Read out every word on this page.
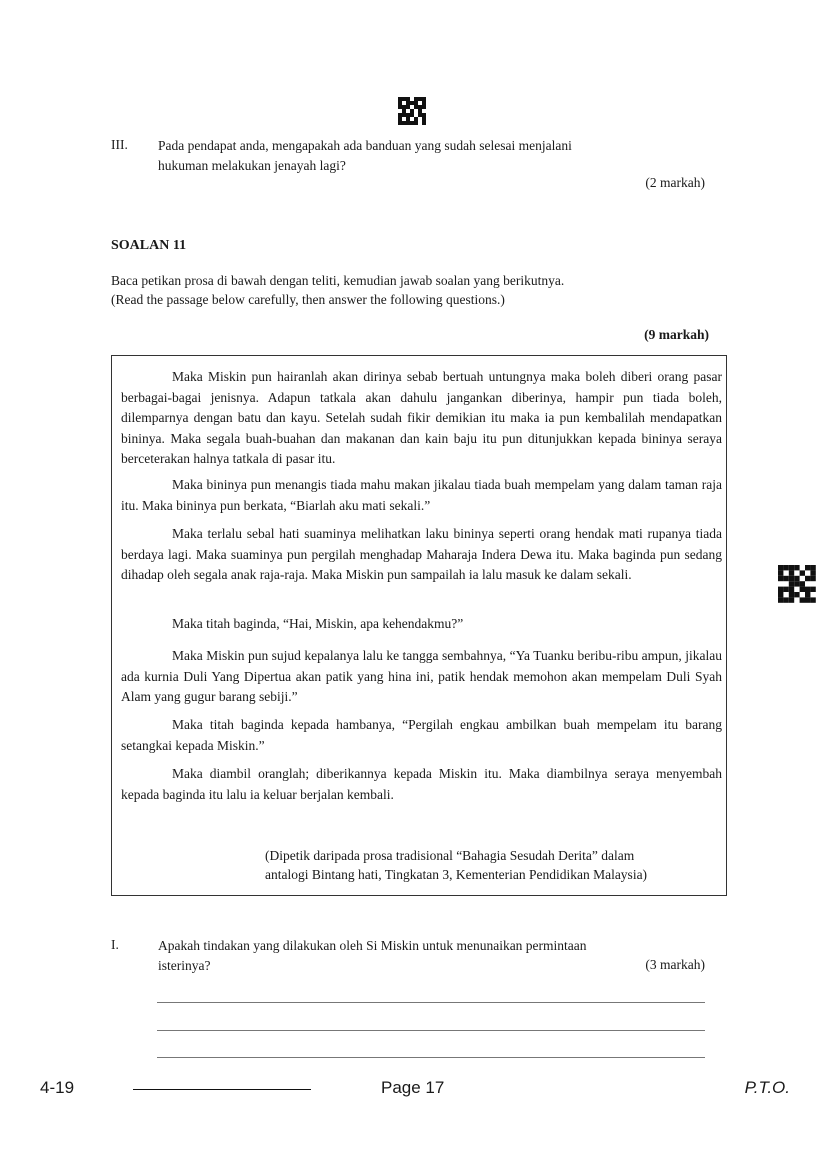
III. Pada pendapat anda, mengapakah ada banduan yang sudah selesai menjalani
hukuman melakukan jenayah lagi?
(2 markah)
SOALAN 11
Baca petikan prosa di bawah dengan teliti, kemudian jawab soalan yang berikutnya.
(Read the passage below carefully, then answer the following questions.)
(9 markah)
Maka Miskin pun hairanlah akan dirinya sebab bertuah untungnya maka boleh diberi orang pasar berbagai-bagai jenisnya. Adapun tatkala akan dahulu jangankan diberinya, hampir pun tiada boleh, dilemparnya dengan batu dan kayu. Setelah sudah fikir demikian itu maka ia pun kembalilah mendapatkan bininya. Maka segala buah-buahan dan makanan dan kain baju itu pun ditunjukkan kepada bininya seraya berceterakan halnya tatkala di pasar itu.
Maka bininya pun menangis tiada mahu makan jikalau tiada buah mempelam yang dalam taman raja itu. Maka bininya pun berkata, “Biarlah aku mati sekali.”
Maka terlalu sebal hati suaminya melihatkan laku bininya seperti orang hendak mati rupanya tiada berdaya lagi. Maka suaminya pun pergilah menghadap Maharaja Indera Dewa itu. Maka baginda pun sedang dihadap oleh segala anak raja-raja. Maka Miskin pun sampailah ia lalu masuk ke dalam sekali.
Maka titah baginda, “Hai, Miskin, apa kehendakmu?”
Maka Miskin pun sujud kepalanya lalu ke tangga sembahnya, “Ya Tuanku beribu-ribu ampun, jikalau ada kurnia Duli Yang Dipertua akan patik yang hina ini, patik hendak memohon akan mempelam Duli Syah Alam yang gugur barang sebiji.”
Maka titah baginda kepada hambanya, “Pergilah engkau ambilkan buah mempelam itu barang setangkai kepada Miskin.”
Maka diambil oranglah; diberikannya kepada Miskin itu. Maka diambilnya seraya menyembah kepada baginda itu lalu ia keluar berjalan kembali.
(Dipetik daripada prosa tradisional “Bahagia Sesudah Derita” dalam
antalogi Bintang hati, Tingkatan 3, Kementerian Pendidikan Malaysia)
I.	Apakah tindakan yang dilakukan oleh Si Miskin untuk menunaikan permintaan
isterinya?	(3 markah)
4-19	Page 17	P.T.O.
